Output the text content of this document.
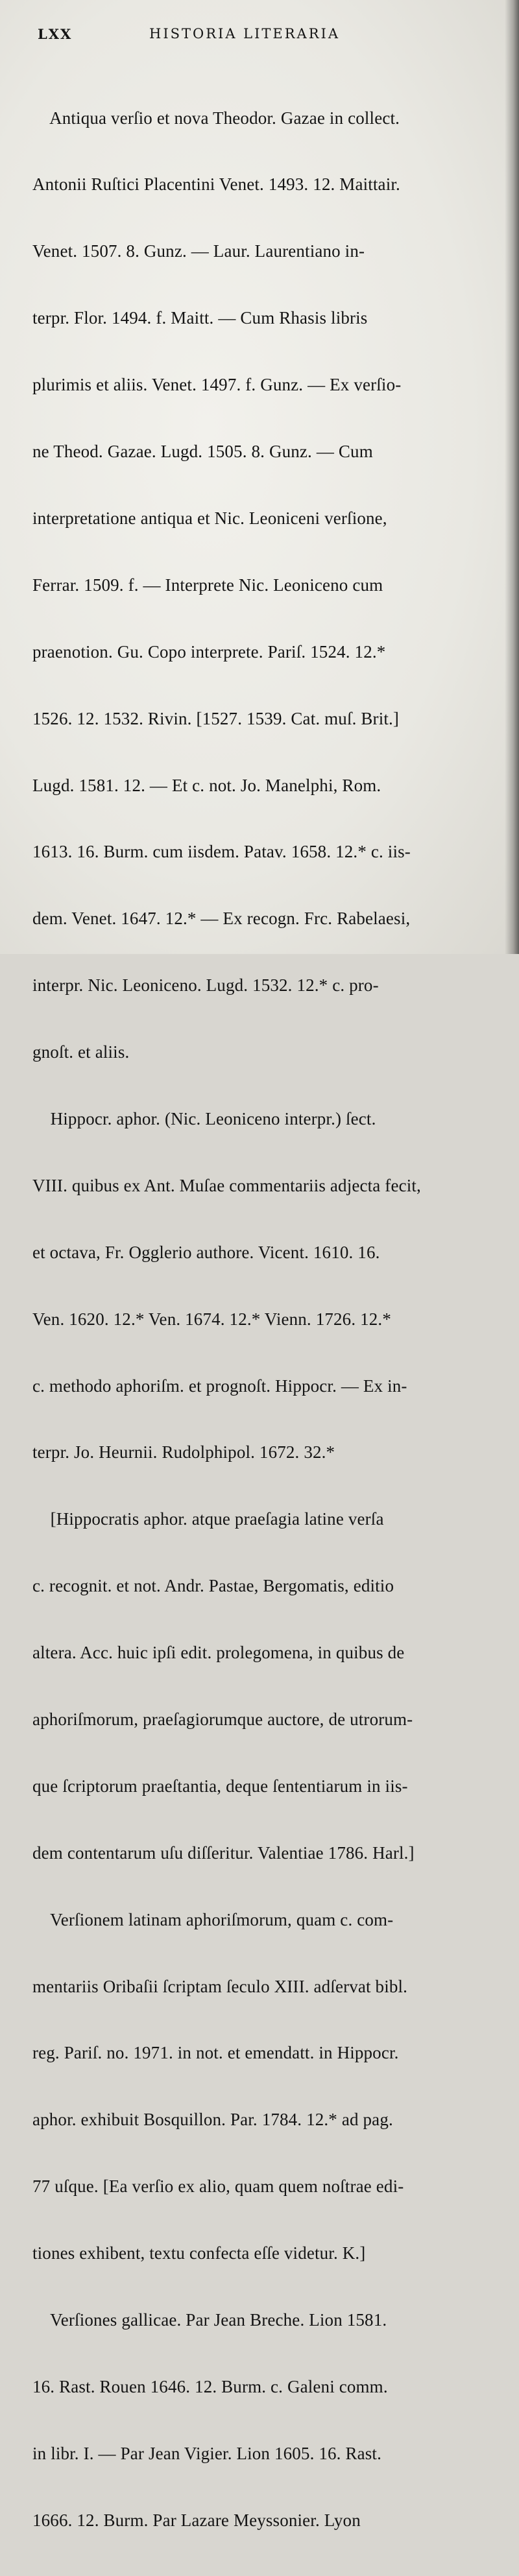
LXX	HISTORIA LITERARIA

Antiqua verſio et nova Theodor. Gazae in collect.

Antonii Ruſtici Placentini Venet. 1493. 12. Maittair.

Venet. 1507. 8. Gunz. — Laur. Laurentiano in-

terpr. Flor. 1494. f. Maitt. — Cum Rhasis libris

plurimis et aliis. Venet. 1497. f. Gunz. — Ex verſio-

ne Theod. Gazae. Lugd. 1505. 8. Gunz. — Cum

interpretatione antiqua et Nic. Leoniceni verſione,

Ferrar. 1509. f. — Interprete Nic. Leoniceno cum

praenotion. Gu. Copo interprete. Pariſ. 1524. 12.*

1526. 12. 1532. Rivin. [1527. 1539. Cat. muſ. Brit.]

Lugd. 1581. 12. — Et c. not. Jo. Manelphi, Rom.

1613. 16. Burm. cum iisdem. Patav. 1658. 12.* c. iis-

dem. Venet. 1647. 12.* — Ex recogn. Frc. Rabelaesi,

interpr. Nic. Leoniceno. Lugd. 1532. 12.* c. pro-

gnoſt. et aliis.

Hippocr. aphor. (Nic. Leoniceno interpr.) ſect.

VIII. quibus ex Ant. Muſae commentariis adjecta fecit,

et octava, Fr. Oggleri​o authore. Vicent. 1610. 16.

Ven. 1620. 12.* Ven. 1674. 12.* Vienn. 1726. 12.*

c. methodo aphoriſm. et prognoſt. Hippocr. — Ex in-

terpr. Jo. Heurnii. Rudolphipol. 1672. 32.*

[Hippocratis aphor. atque praeſagia latine verſa

c. recognit. et not. Andr. Pastae, Bergomatis, editio

altera. Acc. huic ipſi edit. prolegomena, in quibus de

aphoriſmorum, praeſagiorumque auctore, de utrorum-

que ſcriptorum praeſtantia, deque ſententiarum in iis-

dem contentarum uſu diſſeritur. Valentiae 1786. Harl.]

Verſionem latinam aphoriſmorum, quam c. com-

mentariis Oribaſii ſcriptam ſeculo XIII. adſervat bibl.

reg. Pariſ. no. 1971. in not. et emendatt. in Hippocr.

aphor. exhibuit Bosquillon. Par. 1784. 12.* ad pag.

77 uſque. [Ea verſio ex alio, quam quem noſtrae edi-

tiones exhibent, textu confecta eſſe videtur. K.]

Verſiones gallicae. Par Jean Breche. Lion 1581.

16. Rast. Rouen 1646. 12. Burm. c. Galeni comm.

in libr. I. — Par Jean Vigier. Lion 1605. 16. Rast.

1666. 12. Burm. Par Lazare Meyssonier. Lyon
